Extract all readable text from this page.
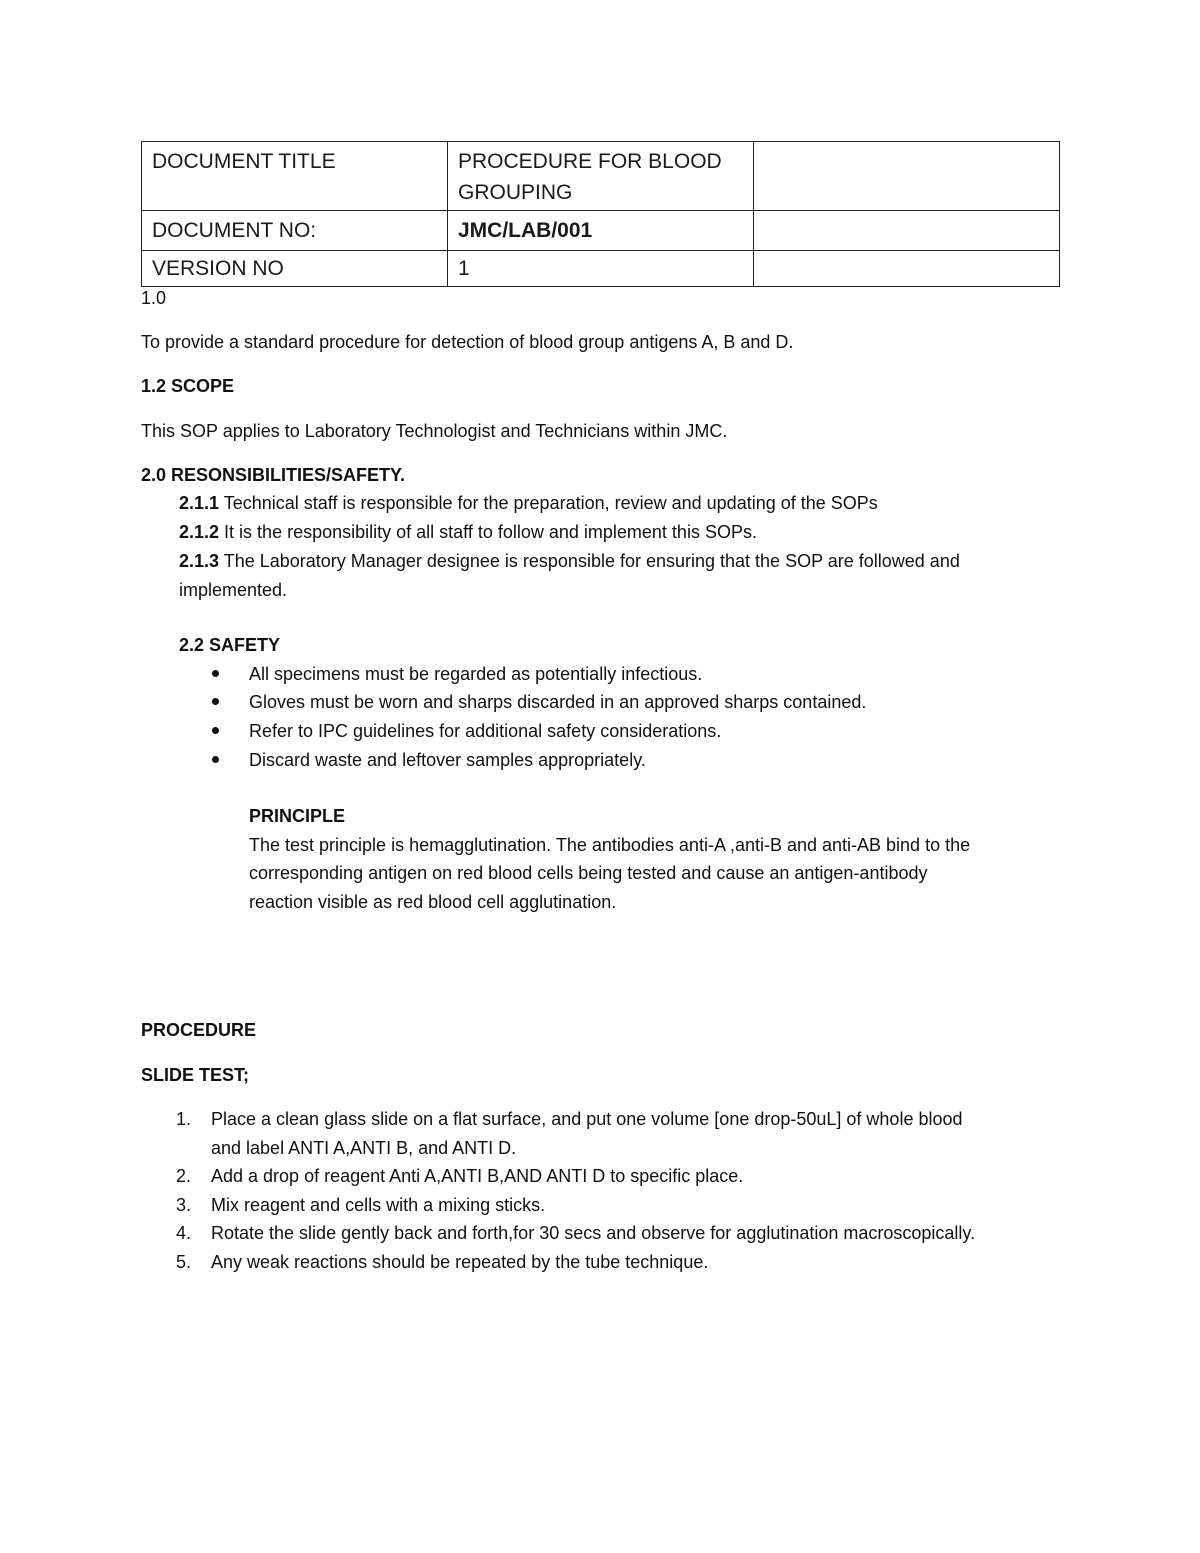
DOCUMENT TITLE	PROCEDURE FOR BLOOD
GROUPING	

DOCUMENT NO:	JMC/LAB/001	
VERSION NO	1	
1.0
To provide a standard procedure for detection of blood group antigens A, B and D.
1.2 SCOPE
This SOP applies to Laboratory Technologist and Technicians within JMC.
2.0 RESONSIBILITIES/SAFETY.
2.1.1 Technical staff is responsible for the preparation, review and updating of the SOPs
2.1.2 It is the responsibility of all staff to follow and implement this SOPs.
2.1.3 The Laboratory Manager designee is responsible for ensuring that the SOP are followed and
implemented.
2.2 SAFETY
All specimens must be regarded as potentially infectious.
Gloves must be worn and sharps discarded in an approved sharps contained.
Refer to IPC guidelines for additional safety considerations.
Discard waste and leftover samples appropriately.
PRINCIPLE
The test principle is hemagglutination. The antibodies anti-A ,anti-B and anti-AB bind to the
corresponding antigen on red blood cells being tested and cause an antigen-antibody
reaction visible as red blood cell agglutination.
PROCEDURE
SLIDE TEST;
1. Place a clean glass slide on a flat surface, and put one volume [one drop-50uL] of whole blood
and label ANTI A,ANTI B, and ANTI D.
2. Add a drop of reagent Anti A,ANTI B,AND ANTI D to specific place.
3. Mix reagent and cells with a mixing sticks.
4. Rotate the slide gently back and forth,for 30 secs and observe for agglutination macroscopically.
5. Any weak reactions should be repeated by the tube technique.
